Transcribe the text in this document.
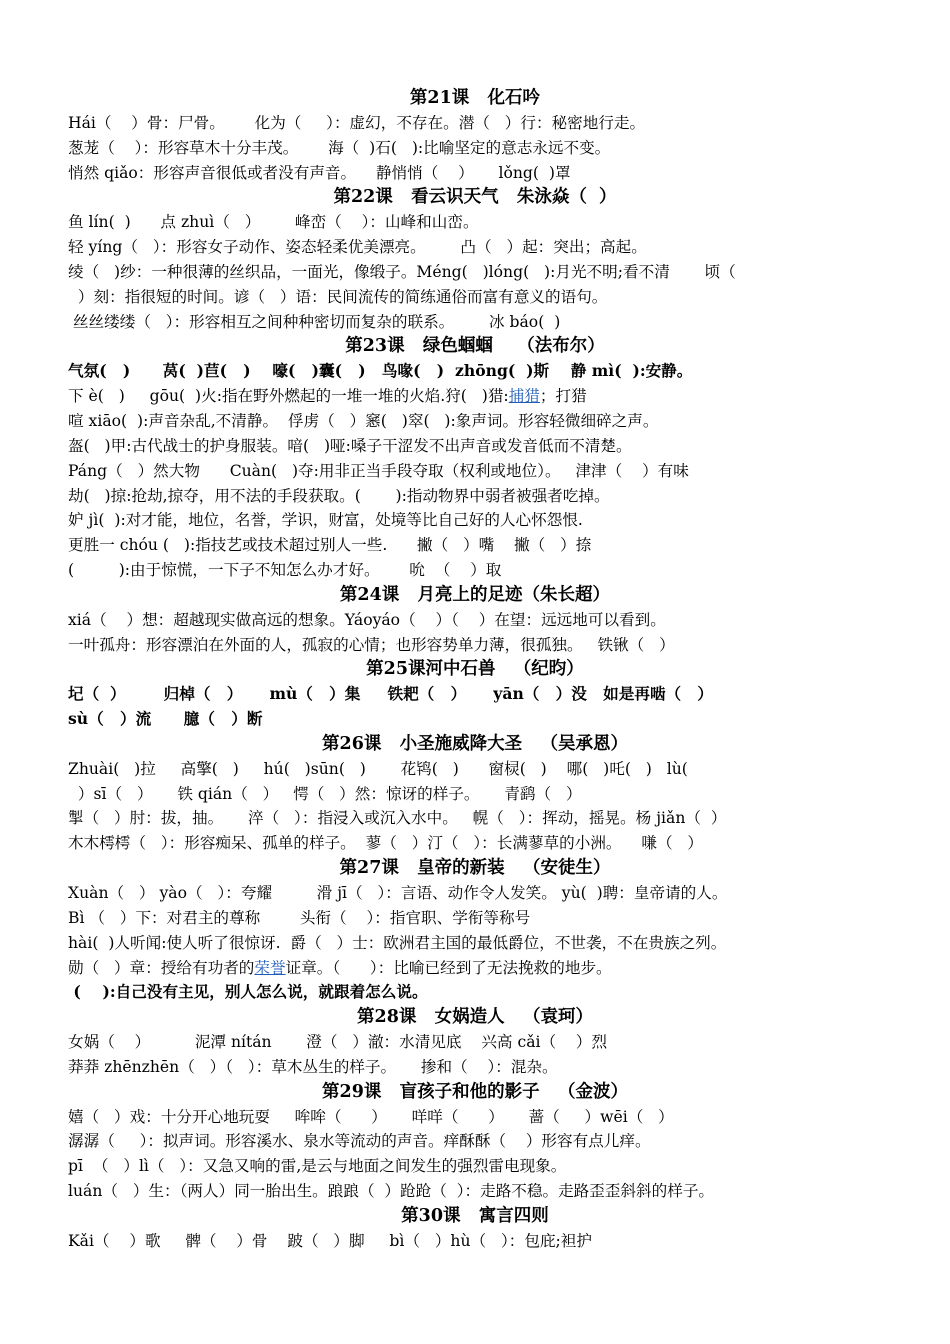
第21课   化石吟
Hái（    ）骨：尸骨。      化为（     ）：虚幻，不存在。潜（   ）行：秘密地行走。
葱茏（    ）：形容草木十分丰茂。      海（  )石(   ):比喻坚定的意志永远不变。
悄然 qiǎo：形容声音很低或者没有声音。    静悄悄（    ）     lǒng(  )罩
第22课   看云识天气   朱泳焱（  ）
鱼 lín(  )      点 zhuì（   ）       峰峦（    ）：山峰和山峦。
轻 yíng（   ）：形容女子动作、姿态轻柔优美漂亮。       凸（   ）起：突出；高起。
绫（   )纱：一种很薄的丝织品，一面光，像缎子。Méng(   )lóng(   ):月光不明;看不清       顷（
）刻：指很短的时间。谚（   ）语：民间流传的简练通俗而富有意义的语句。
丝丝缕缕（   ）：形容相互之间种种密切而复杂的联系。       冰 báo(  )
第23课   绿色蝈蝈    （法布尔）
气氛(   )      莴(  )苣(   )    嚎(   )囊(   )   鸟喙(   )  zhōng(  )斯    静 mì(  ):安静。
下 è(   )     gōu(  )火:指在野外燃起的一堆一堆的火焰.狩(   )猎:捕猎；打猎
喧 xiāo(  ):声音杂乱,不清静。  俘虏（   ）窸(   )窣(   ):象声词。形容轻微细碎之声。
盔(   )甲:古代战士的护身服装。喑(   )哑:嗓子干涩发不出声音或发音低而不清楚。
Páng（   ）然大物      Cuàn(   )夺:用非正当手段夺取（权利或地位）。   津津（    ）有味
劫(   )掠:抢劫,掠夺，用不法的手段获取。(       ):指动物界中弱者被强者吃掉。
妒 jì(  ):对才能，地位，名誉，学识，财富，处境等比自己好的人心怀怨恨.
更胜一 chóu (   ):指技艺或技术超过别人一些.      撇（   ）嘴    撇（   ）捺
(         ):由于惊慌，一下子不知怎么办才好。      吮  （    ）取
第24课   月亮上的足迹（朱长超）
xiá（    ）想：超越现实做高远的想象。Yáoyáo（    ）（    ）在望：远远地可以看到。
一叶孤舟：形容漂泊在外面的人，孤寂的心情；也形容势单力薄，很孤独。   铁锹（   ）
第25课河中石兽   （纪昀）
圮（  ）       归棹（   ）     mù（   ）集     铁耙（   ）     yān（   ）没   如是再啮（   ）
sù（   ）流      臆（   ）断
第26课   小圣施威降大圣   （吴承恩）
Zhuài(   )拉     高擎(   )     hú(   )sūn(   )       花鸨(   )      窗棂(   )    哪(   )吒(   )   lù(
）sī（   ）     铁 qián（   ）   愕（   ）然：惊讶的样子。     青鹞（   ）
掣（   ）肘：拔，抽。     淬（   ）：指浸入或沉入水中。   幌（   ）：挥动，摇晃。杨 jiǎn（  ）
木木樗樗（   ）：形容痴呆、孤单的样子。  蓼（   ）汀（   ）：长满蓼草的小洲。    嗛（   ）
第27课   皇帝的新装   （安徒生）
Xuàn（   ） yào（   ）：夸耀         滑 jī（   ）：言语、动作令人发笑。 yù(  )聘：皇帝请的人。
Bì （   ）下：对君主的尊称        头衔（    ）：指官职、学衔等称号
hài(  )人听闻:使人听了很惊讶.  爵（   ）士：欧洲君主国的最低爵位，不世袭，不在贵族之列。
勋（   ）章：授给有功者的荣誉证章。（      ）：比喻已经到了无法挽救的地步。
(    ):自己没有主见，别人怎么说，就跟着怎么说。
第28课   女娲造人   （袁珂）
女娲（    ）         泥潭 nítán       澄（   ）澈：水清见底    兴高 cǎi（    ）烈
莽莽 zhēnzhēn（   ）（   ）：草木丛生的样子。     掺和（    ）：混杂。
第29课   盲孩子和他的影子   （金波）
嬉（   ）戏：十分开心地玩耍     哞哞（      ）     咩咩（      ）     蔷（     ）wēi（   ）
潺潺（     ）：拟声词。形容溪水、泉水等流动的声音。痒酥酥（    ）形容有点儿痒。
pī  （   ）lì（   ）：又急又响的雷,是云与地面之间发生的强烈雷电现象。
luán（   ）生：（两人）同一胎出生。踉踉（  ）跄跄（  ）：走路不稳。走路歪歪斜斜的样子。
第30课   寓言四则
Kǎi（    ）歌     髀（    ）骨    跛（   ）脚     bì（   ）hù（   ）：包庇;袒护
